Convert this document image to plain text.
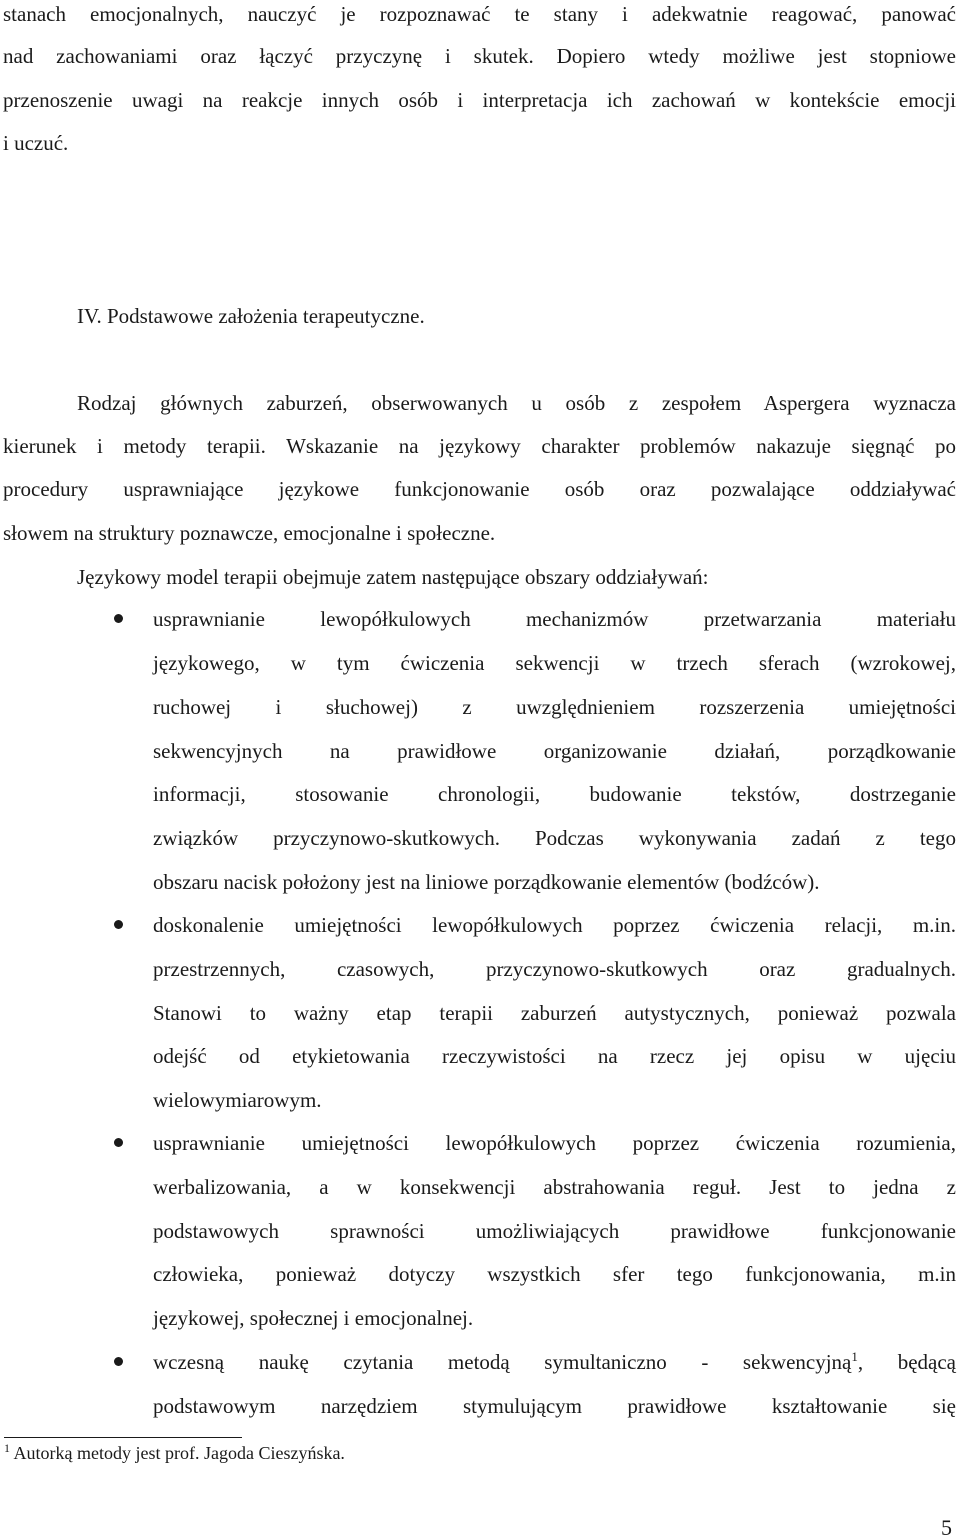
stanach emocjonalnych, nauczyć je rozpoznawać te stany i adekwatnie reagować, panować

nad zachowaniami oraz łączyć przyczynę i skutek. Dopiero wtedy możliwe jest stopniowe

przenoszenie uwagi na reakcje innych osób i interpretacja ich zachowań w kontekście emocji

i uczuć.

IV. Podstawowe założenia terapeutyczne.

Rodzaj głównych zaburzeń, obserwowanych u osób z zespołem Aspergera wyznacza

kierunek i metody terapii. Wskazanie na językowy charakter problemów nakazuje sięgnąć po

procedury usprawniające językowe funkcjonowanie osób oraz pozwalające oddziaływać

słowem na struktury poznawcze, emocjonalne i społeczne.

Językowy model terapii obejmuje zatem następujące obszary oddziaływań:

usprawnianie lewopółkulowych mechanizmów przetwarzania materiału

językowego, w tym ćwiczenia sekwencji w trzech sferach (wzrokowej,

ruchowej i słuchowej) z uwzględnieniem rozszerzenia umiejętności

sekwencyjnych na prawidłowe organizowanie działań, porządkowanie

informacji, stosowanie chronologii, budowanie tekstów, dostrzeganie

związków przyczynowo-skutkowych. Podczas wykonywania zadań z tego

obszaru nacisk położony jest na liniowe porządkowanie elementów (bodźców).

doskonalenie umiejętności lewopółkulowych poprzez ćwiczenia relacji, m.in.

przestrzennych, czasowych, przyczynowo-skutkowych oraz gradualnych.

Stanowi to ważny etap terapii zaburzeń autystycznych, ponieważ pozwala

odejść od etykietowania rzeczywistości na rzecz jej opisu w ujęciu

wielowymiarowym.

usprawnianie umiejętności lewopółkulowych poprzez ćwiczenia rozumienia,

werbalizowania, a w konsekwencji abstrahowania reguł. Jest to jedna z

podstawowych sprawności umożliwiających prawidłowe funkcjonowanie

człowieka, ponieważ dotyczy wszystkich sfer tego funkcjonowania, m.in

językowej, społecznej i emocjonalnej.

wczesną naukę czytania metodą symultaniczno - sekwencyjną$^1$, będącą

podstawowym narzędziem stymulującym prawidłowe kształtowanie się

$^1$ Autorką metody jest prof. Jagoda Cieszyńska.
5
